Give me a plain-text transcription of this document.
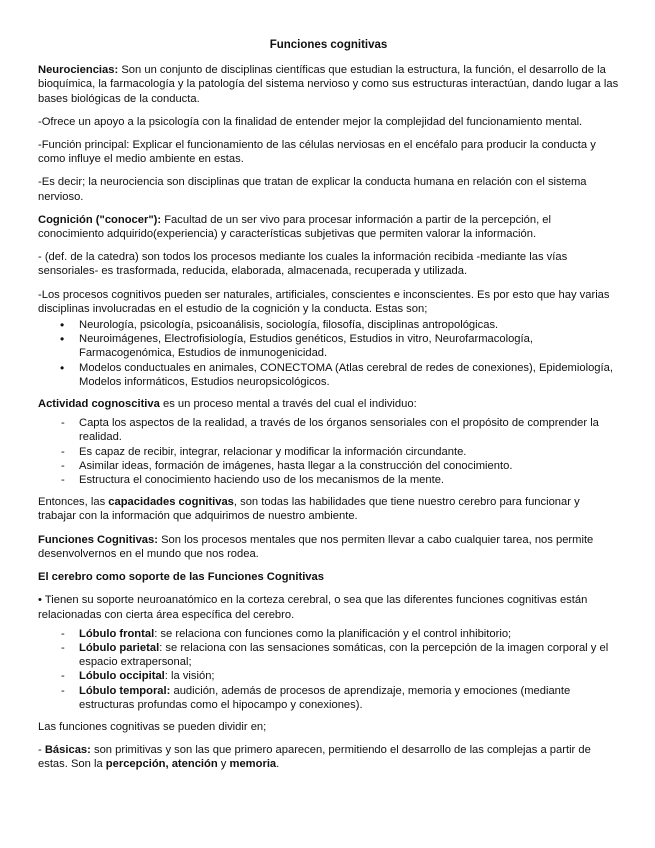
Funciones cognitivas

Neurociencias: Son un conjunto de disciplinas científicas que estudian la estructura, la función, el desarrollo de la bioquímica, la farmacología y la patología del sistema nervioso y como sus estructuras interactúan, dando lugar a las bases biológicas de la conducta.

-Ofrece un apoyo a la psicología con la finalidad de entender mejor la complejidad del funcionamiento mental.

-Función principal: Explicar el funcionamiento de las células nerviosas en el encéfalo para producir la conducta y como influye el medio ambiente en estas.

-Es decir; la neurociencia son disciplinas que tratan de explicar la conducta humana en relación con el sistema nervioso.

Cognición ("conocer"): Facultad de un ser vivo para procesar información a partir de la percepción, el conocimiento adquirido(experiencia) y características subjetivas que permiten valorar la información.

- (def. de la catedra) son todos los procesos mediante los cuales la información recibida -mediante las vías sensoriales- es trasformada, reducida, elaborada, almacenada, recuperada y utilizada.

-Los procesos cognitivos pueden ser naturales, artificiales, conscientes e inconscientes. Es por esto que hay varias disciplinas involucradas en el estudio de la cognición y la conducta. Estas son;

• Neurología, psicología, psicoanálisis, sociología, filosofía, disciplinas antropológicas.
• Neuroimágenes, Electrofisiología, Estudios genéticos, Estudios in vitro, Neurofarmacología, Farmacogenómica, Estudios de inmunogenicidad.
• Modelos conductuales en animales, CONECTOMA (Atlas cerebral de redes de conexiones), Epidemiología, Modelos informáticos, Estudios neuropsicológicos.

Actividad cognoscitiva es un proceso mental a través del cual el individuo:

- Capta los aspectos de la realidad, a través de los órganos sensoriales con el propósito de comprender la realidad.
- Es capaz de recibir, integrar, relacionar y modificar la información circundante.
- Asimilar ideas, formación de imágenes, hasta llegar a la construcción del conocimiento.
- Estructura el conocimiento haciendo uso de los mecanismos de la mente.

Entonces, las capacidades cognitivas, son todas las habilidades que tiene nuestro cerebro para funcionar y trabajar con la información que adquirimos de nuestro ambiente.

Funciones Cognitivas: Son los procesos mentales que nos permiten llevar a cabo cualquier tarea, nos permite desenvolvernos en el mundo que nos rodea.

El cerebro como soporte de las Funciones Cognitivas

• Tienen su soporte neuroanatómico en la corteza cerebral, o sea que las diferentes funciones cognitivas están relacionadas con cierta área específica del cerebro.

- Lóbulo frontal: se relaciona con funciones como la planificación y el control inhibitorio;
- Lóbulo parietal: se relaciona con las sensaciones somáticas, con la percepción de la imagen corporal y el espacio extrapersonal;
- Lóbulo occipital: la visión;
- Lóbulo temporal: audición, además de procesos de aprendizaje, memoria y emociones (mediante estructuras profundas como el hipocampo y conexiones).

Las funciones cognitivas se pueden dividir en;

- Básicas: son primitivas y son las que primero aparecen, permitiendo el desarrollo de las complejas a partir de estas. Son la percepción, atención y memoria.
